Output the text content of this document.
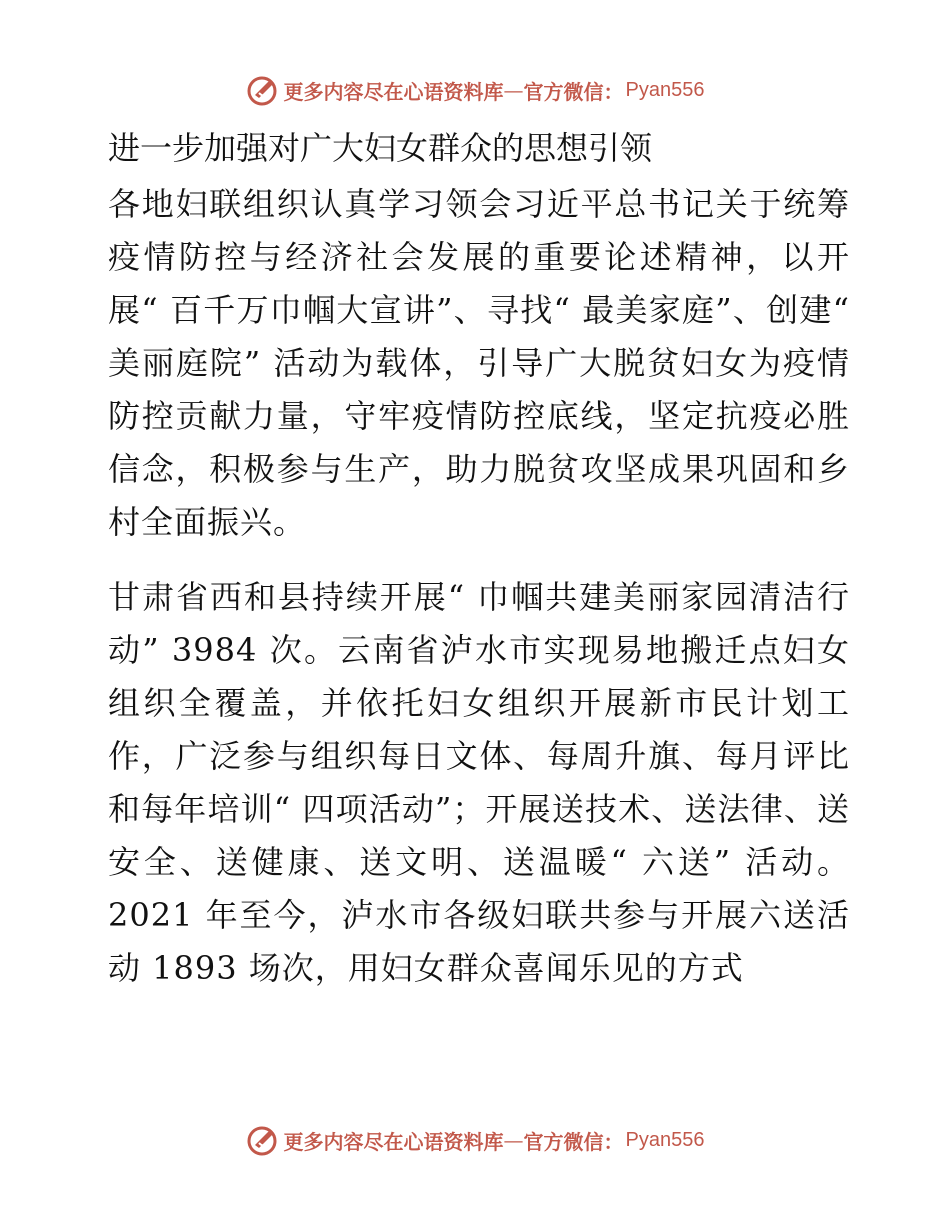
更多内容尽在心语资料库 — 官方微信： Pyan556
进一步加强对广大妇女群众的思想引领

各地妇联组织认真学习领会习近平总书记关于统筹疫情防控与经济社会发展的重要论述精神，以开展“ 百千万巾帼大宣讲”、寻找“ 最美家庭”、创建“ 美丽庭院” 活动为载体，引导广大脱贫妇女为疫情防控贡献力量，守牢疫情防控底线，坚定抗疫必胜信念，积极参与生产，助力脱贫攻坚成果巩固和乡村全面振兴。

甘肃省西和县持续开展“ 巾帼共建美丽家园清洁行动” 3984 次。云南省泸水市实现易地搬迁点妇女组织全覆盖，并依托妇女组织开展新市民计划工作，广泛参与组织每日文体、每周升旗、每月评比和每年培训“ 四项活动”；开展送技术、送法律、送安全、送健康、送文明、送温暖“ 六送” 活动。2021 年至今，泸水市各级妇联共参与开展六送活动 1893 场次，用妇女群众喜闻乐见的方式

更多内容尽在心语资料库 — 官方微信： Pyan556
